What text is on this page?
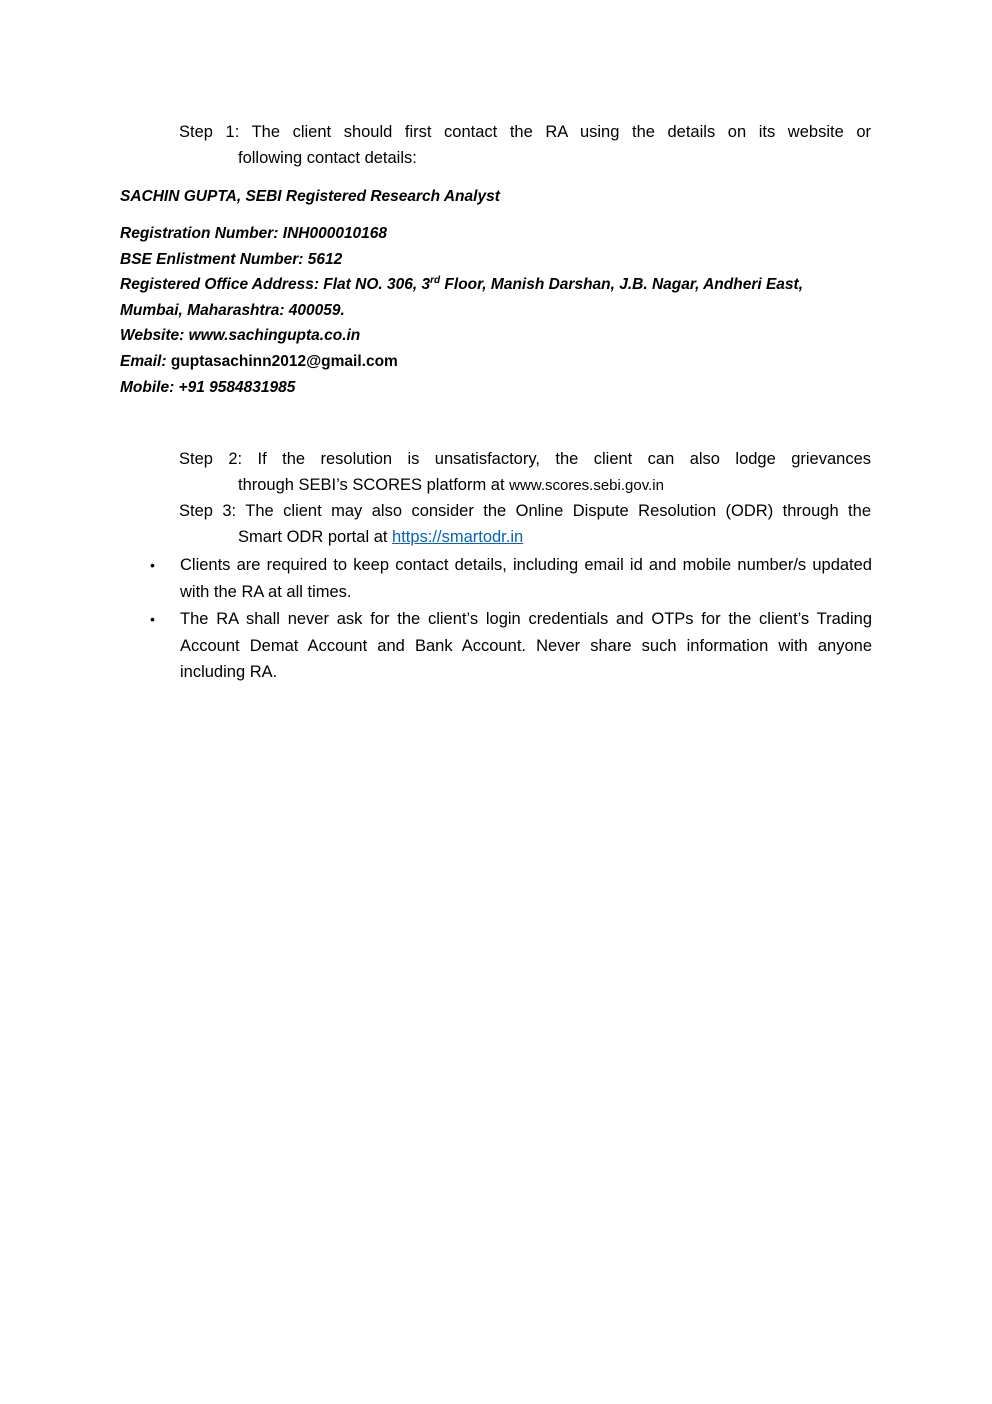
Step 1: The client should first contact the RA using the details on its website or
following contact details:
SACHIN GUPTA, SEBI Registered Research Analyst
Registration Number: INH000010168
BSE Enlistment Number: 5612
Registered Office Address: Flat NO. 306, 3rd Floor, Manish Darshan, J.B. Nagar, Andheri East,
Mumbai, Maharashtra: 400059.
Website: www.sachingupta.co.in
Email: guptasachinn2012@gmail.com
Mobile: +91 9584831985
Step 2: If the resolution is unsatisfactory, the client can also lodge grievances
through SEBI’s SCORES platform at www.scores.sebi.gov.in
Step 3: The client may also consider the Online Dispute Resolution (ODR) through the
Smart ODR portal at https://smartodr.in
•	Clients are required to keep contact details, including email id and mobile number/s updated with the RA at all times.
•	The RA shall never ask for the client’s login credentials and OTPs for the client’s Trading Account Demat Account and Bank Account. Never share such information with anyone including RA.
